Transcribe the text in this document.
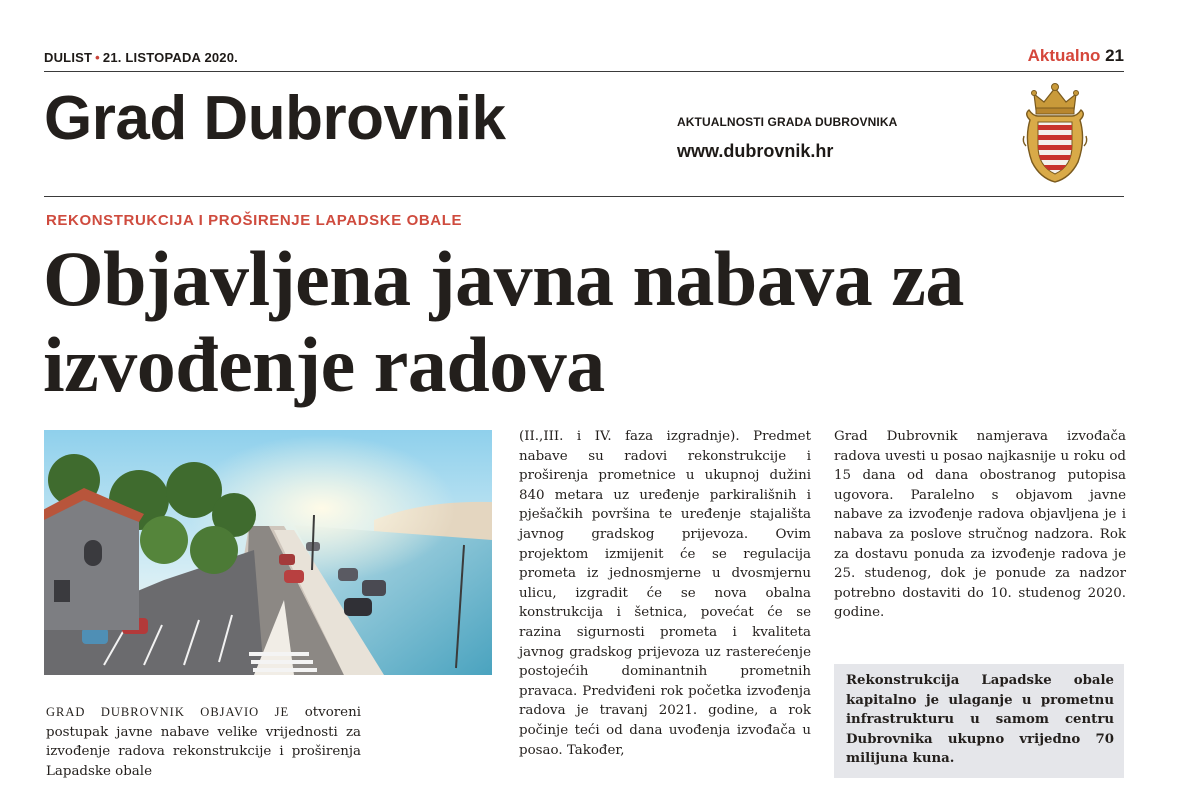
DULIST • 21. LISTOPADA 2020.	Aktualno 21
Grad Dubrovnik	AKTUALNOSTI GRADA DUBROVNIKA
www.dubrovnik.hr
REKONSTRUKCIJA I PROŠIRENJE LAPADSKE OBALE
Objavljena javna nabava za izvođenje radova
GRAD DUBROVNIK OBJAVIO JE otvoreni postupak javne nabave velike vrijednosti za izvođenje radova rekonstrukcije i proširenja Lapadske obale
(II.,III. i IV. faza izgradnje). Predmet nabave su radovi rekonstrukcije i proširenja prometnice u ukupnoj dužini 840 metara uz uređenje parkirališnih i pješačkih površina te uređenje stajališta javnog gradskog prijevoza. Ovim projektom izmijenit će se regulacija prometa iz jednosmjerne u dvosmjernu ulicu, izgradit će se nova obalna konstrukcija i šetnica, povećat će se razina sigurnosti prometa i kvaliteta javnog gradskog prijevoza uz rasterećenje postojećih dominantnih prometnih pravaca. Predviđeni rok početka izvođenja radova je travanj 2021. godine, a rok počinje teći od dana uvođenja izvođača u posao. Također,
Grad Dubrovnik namjerava izvođača radova uvesti u posao najkasnije u roku od 15 dana od dana obostranog putopisa ugovora. Paralelno s objavom javne nabave za izvođenje radova objavljena je i nabava za poslove stručnog nadzora. Rok za dostavu ponuda za izvođenje radova je 25. studenog, dok je ponude za nadzor potrebno dostaviti do 10. studenog 2020. godine.
Rekonstrukcija Lapadske obale kapitalno je ulaganje u prometnu infrastrukturu u samom centru Dubrovnika ukupno vrijedno 70 milijuna kuna.
